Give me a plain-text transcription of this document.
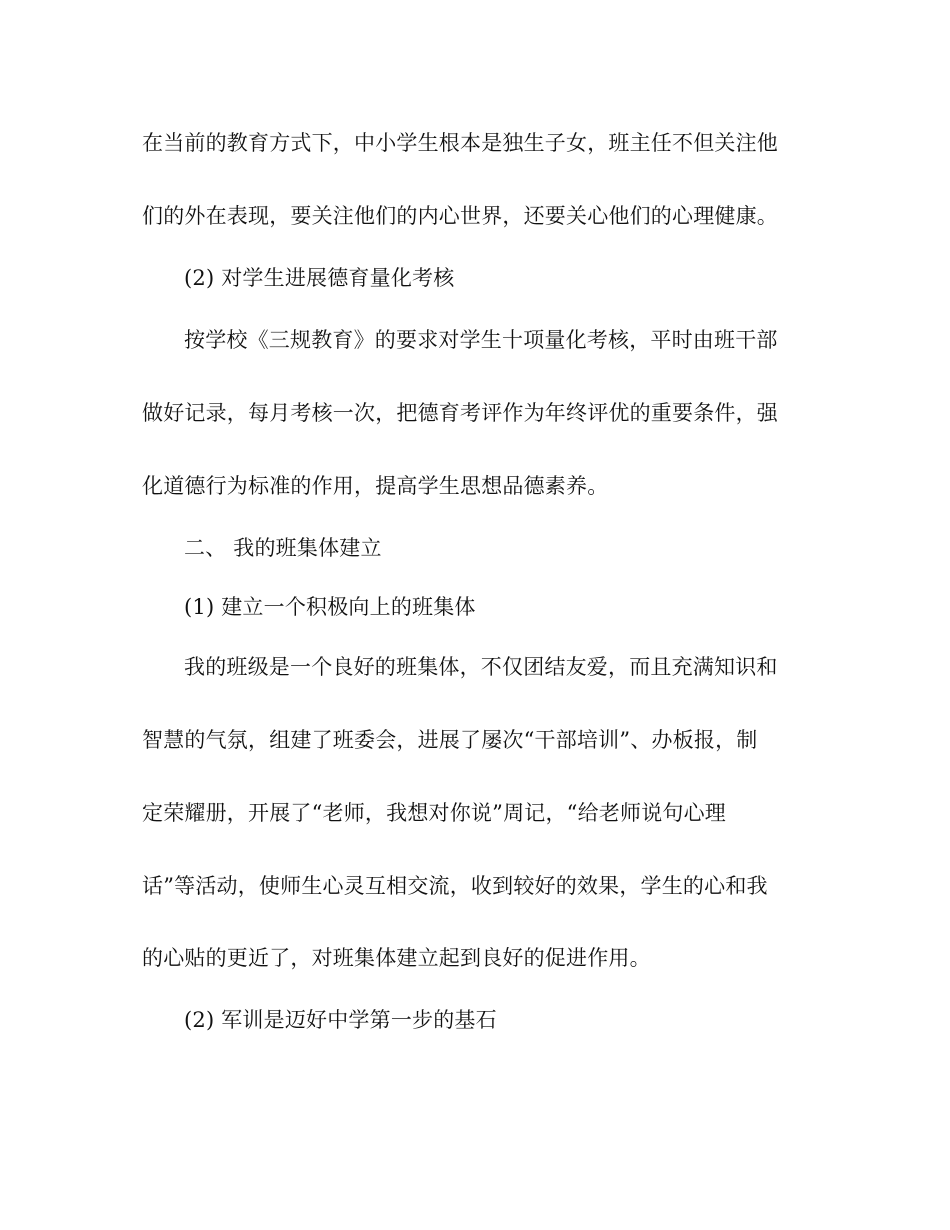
在当前的教育方式下，中小学生根本是独生子女，班主任不但关注他
们的外在表现，要关注他们的内心世界，还要关心他们的心理健康。
(2) 对学生进展德育量化考核
按学校《三规教育》的要求对学生十项量化考核，平时由班干部
做好记录，每月考核一次，把德育考评作为年终评优的重要条件，强
化道德行为标准的作用，提高学生思想品德素养。
二、 我的班集体建立
(1) 建立一个积极向上的班集体
我的班级是一个良好的班集体，不仅团结友爱，而且充满知识和
智慧的气氛，组建了班委会，进展了屡次“干部培训”、办板报，制
定荣耀册，开展了“老师，我想对你说”周记，“给老师说句心理
话”等活动，使师生心灵互相交流，收到较好的效果，学生的心和我
的心贴的更近了，对班集体建立起到良好的促进作用。
(2) 军训是迈好中学第一步的基石
